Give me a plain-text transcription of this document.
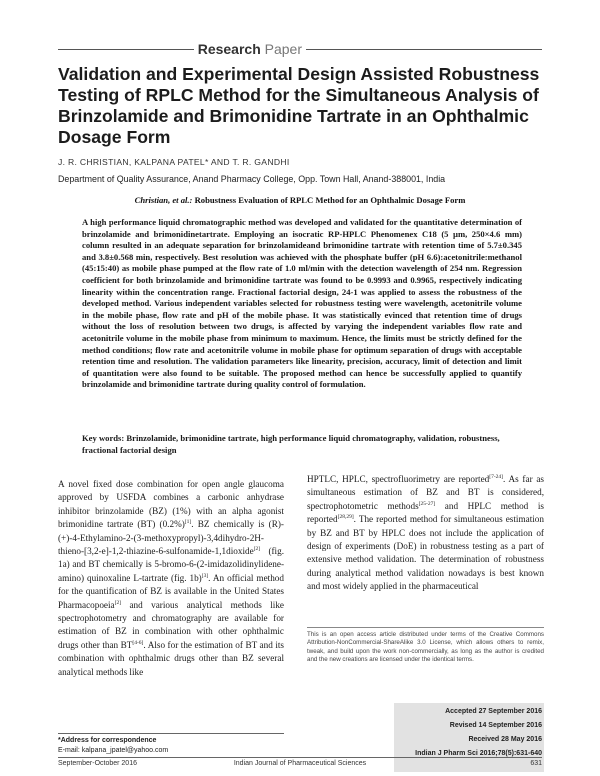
Research Paper
Validation and Experimental Design Assisted Robustness Testing of RPLC Method for the Simultaneous Analysis of Brinzolamide and Brimonidine Tartrate in an Ophthalmic Dosage Form
J. R. CHRISTIAN, KALPANA PATEL* AND T. R. GANDHI
Department of Quality Assurance, Anand Pharmacy College, Opp. Town Hall, Anand-388001, India
Christian, et al.: Robustness Evaluation of RPLC Method for an Ophthalmic Dosage Form

A high performance liquid chromatographic method was developed and validated for the quantitative determination of brinzolamide and brimonidinetartrate. Employing an isocratic RP-HPLC Phenomenex C18 (5 µm, 250×4.6 mm) column resulted in an adequate separation for brinzolamideand brimonidine tartrate with retention time of 5.7±0.345 and 3.8±0.568 min, respectively. Best resolution was achieved with the phosphate buffer (pH 6.6):acetonitrile:methanol (45:15:40) as mobile phase pumped at the flow rate of 1.0 ml/min with the detection wavelength of 254 nm. Regression coefficient for both brinzolamide and brimonidine tartrate was found to be 0.9993 and 0.9965, respectively indicating linearity within the concentration range. Fractional factorial design, 24-1 was applied to assess the robustness of the developed method. Various independent variables selected for robustness testing were wavelength, acetonitrile volume in the mobile phase, flow rate and pH of the mobile phase. It was statistically evinced that retention time of drugs without the loss of resolution between two drugs, is affected by varying the independent variables flow rate and acetonitrile volume in the mobile phase from minimum to maximum. Hence, the limits must be strictly defined for the method conditions; flow rate and acetonitrile volume in mobile phase for optimum separation of drugs with acceptable retention time and resolution. The validation parameters like linearity, precision, accuracy, limit of detection and limit of quantitation were also found to be suitable. The proposed method can hence be successfully applied to quantify brinzolamide and brimonidine tartrate during quality control of formulation.

Key words: Brinzolamide, brimonidine tartrate, high performance liquid chromatography, validation, robustness, fractional factorial design

A novel fixed dose combination for open angle glaucoma approved by USFDA combines a carbonic anhydrase inhibitor brinzolamide (BZ) (1%) with an alpha agonist brimonidine tartrate (BT) (0.2%)[1]. BZ chemically is (R)-(+)-4-Ethylamino-2-(3-methoxypropyl)-3,4dihydro-2H-thieno-[3,2-e]-1,2-thiazine-6-sulfonamide-1,1dioxide[2] (fig. 1a) and BT chemically is 5-bromo-6-(2-imidazolidinylidene-amino) quinoxaline L-tartrate (fig. 1b)[3]. An official method for the quantification of BZ is available in the United States Pharmacopoeia[2] and various analytical methods like spectrophotometry and chromatography are available for estimation of BZ in combination with other ophthalmic drugs other than BT[4-6]. Also for the estimation of BT and its combination with ophthalmic drugs other than BZ several analytical methods like

HPTLC, HPLC, spectrofluorimetry are reported[7-24]. As far as simultaneous estimation of BZ and BT is considered, spectrophotometric methods[25-27] and HPLC method is reported[28,29]. The reported method for simultaneous estimation by BZ and BT by HPLC does not include the application of design of experiments (DoE) in robustness testing as a part of extensive method validation. The determination of robustness during analytical method validation nowadays is best known and most widely applied in the pharmaceutical

This is an open access article distributed under terms of the Creative Commons Attribution-NonCommercial-ShareAlike 3.0 License, which allows others to remix, tweak, and build upon the work non-commercially, as long as the author is credited and the new creations are licensed under the identical terms.

Accepted 27 September 2016
Revised 14 September 2016
Received 28 May 2016
Indian J Pharm Sci 2016;78(5):631-640
*Address for correspondence
E-mail: kalpana_jpatel@yahoo.com
September-October 2016	Indian Journal of Pharmaceutical Sciences	631
